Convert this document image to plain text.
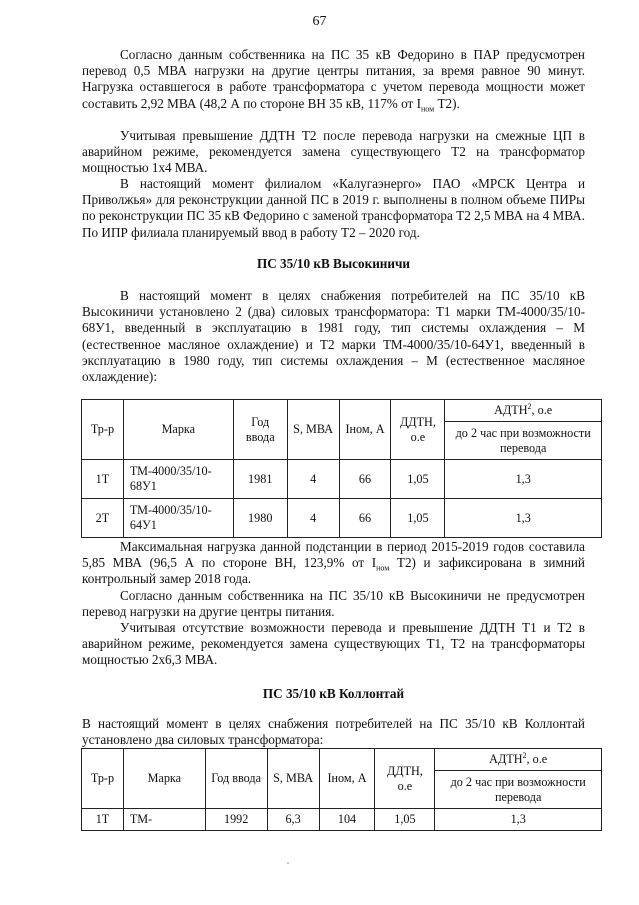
67
Согласно данным собственника на ПС 35 кВ Федорино в ПАР предусмотрен перевод 0,5 МВА нагрузки на другие центры питания, за время равное 90 минут. Нагрузка оставшегося в работе трансформатора с учетом перевода мощности может составить 2,92 МВА (48,2 А по стороне ВН 35 кВ, 117% от $I_{ном}$ Т2).
Учитывая превышение ДДТН Т2 после перевода нагрузки на смежные ЦП в аварийном режиме, рекомендуется замена существующего Т2 на трансформатор мощностью 1х4 МВА.
В настоящий момент филиалом «Калугаэнерго» ПАО «МРСК Центра и Приволжья» для реконструкции данной ПС в 2019 г. выполнены в полном объеме ПИРы по реконструкции ПС 35 кВ Федорино с заменой трансформатора Т2 2,5 МВА на 4 МВА. По ИПР филиала планируемый ввод в работу Т2 – 2020 год.
ПС 35/10 кВ Высокиничи
В настоящий момент в целях снабжения потребителей на ПС 35/10 кВ Высокиничи установлено 2 (два) силовых трансформатора: Т1 марки ТМ-4000/35/10-68У1, введенный в эксплуатацию в 1981 году, тип системы охлаждения – М (естественное масляное охлаждение) и Т2 марки ТМ-4000/35/10-64У1, введенный в эксплуатацию в 1980 году, тип системы охлаждения – М (естественное масляное охлаждение):
Тр-р	Марка	Год ввода	S, МВА	Iном, А	ДДТН, о.е	АДТН$^2$, о.е
						до 2 час при возможности перевода
1Т	ТМ-4000/35/10-68У1	1981	4	66	1,05	1,3
2Т	ТМ-4000/35/10-64У1	1980	4	66	1,05	1,3
Максимальная нагрузка данной подстанции в период 2015-2019 годов составила 5,85 МВА (96,5 А по стороне ВН, 123,9% от $I_{ном}$ Т2) и зафиксирована в зимний контрольный замер 2018 года.
Согласно данным собственника на ПС 35/10 кВ Высокиничи не предусмотрен перевод нагрузки на другие центры питания.
Учитывая отсутствие возможности перевода и превышение ДДТН Т1 и Т2 в аварийном режиме, рекомендуется замена существующих Т1, Т2 на трансформаторы мощностью 2х6,3 МВА.
ПС 35/10 кВ Коллонтай
В настоящий момент в целях снабжения потребителей на ПС 35/10 кВ Коллонтай установлено два силовых трансформатора:
Тр-р	Марка	Год ввода	S, МВА	Iном, А	ДДТН, о.е	АДТН$^2$, о.е
						до 2 час при возможности перевода
1Т	ТМ-	1992	6,3	104	1,05	1,3
